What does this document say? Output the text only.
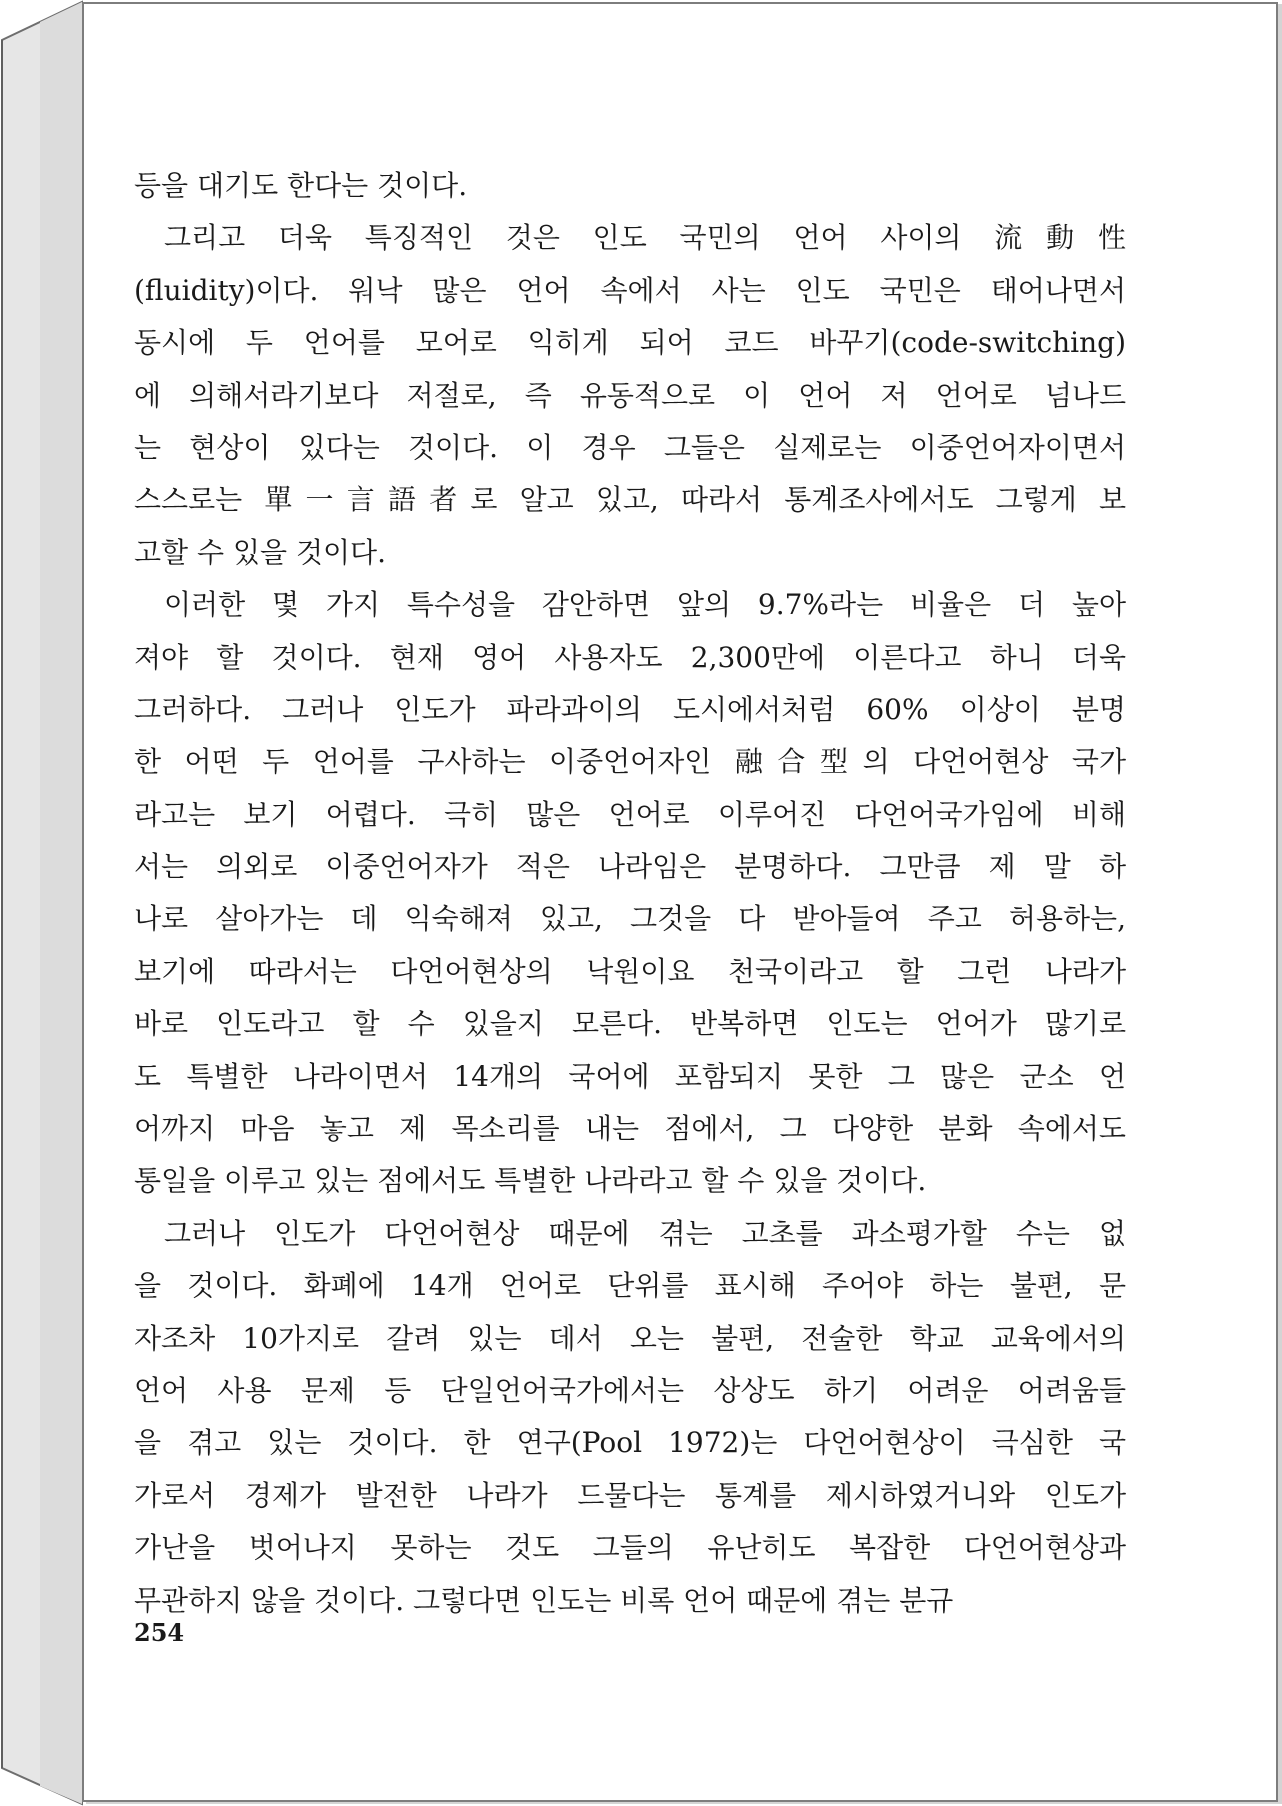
등을 대기도 한다는 것이다.
그리고 더욱 특징적인 것은 인도 국민의 언어 사이의 流動性
(fluidity)이다. 워낙 많은 언어 속에서 사는 인도 국민은 태어나면서
동시에 두 언어를 모어로 익히게 되어 코드 바꾸기(code-switching)
에 의해서라기보다 저절로, 즉 유동적으로 이 언어 저 언어로 넘나드
는 현상이 있다는 것이다. 이 경우 그들은 실제로는 이중언어자이면서
스스로는 單一言語者로 알고 있고, 따라서 통계조사에서도 그렇게 보
고할 수 있을 것이다.
이러한 몇 가지 특수성을 감안하면 앞의 9.7%라는 비율은 더 높아
져야 할 것이다. 현재 영어 사용자도 2,300만에 이른다고 하니 더욱
그러하다. 그러나 인도가 파라과이의 도시에서처럼 60% 이상이 분명
한 어떤 두 언어를 구사하는 이중언어자인 融合型의 다언어현상 국가
라고는 보기 어렵다. 극히 많은 언어로 이루어진 다언어국가임에 비해
서는 의외로 이중언어자가 적은 나라임은 분명하다. 그만큼 제 말 하
나로 살아가는 데 익숙해져 있고, 그것을 다 받아들여 주고 허용하는,
보기에 따라서는 다언어현상의 낙원이요 천국이라고 할 그런 나라가
바로 인도라고 할 수 있을지 모른다. 반복하면 인도는 언어가 많기로
도 특별한 나라이면서 14개의 국어에 포함되지 못한 그 많은 군소 언
어까지 마음 놓고 제 목소리를 내는 점에서, 그 다양한 분화 속에서도
통일을 이루고 있는 점에서도 특별한 나라라고 할 수 있을 것이다.
그러나 인도가 다언어현상 때문에 겪는 고초를 과소평가할 수는 없
을 것이다. 화폐에 14개 언어로 단위를 표시해 주어야 하는 불편, 문
자조차 10가지로 갈려 있는 데서 오는 불편, 전술한 학교 교육에서의
언어 사용 문제 등 단일언어국가에서는 상상도 하기 어려운 어려움들
을 겪고 있는 것이다. 한 연구(Pool 1972)는 다언어현상이 극심한 국
가로서 경제가 발전한 나라가 드물다는 통계를 제시하였거니와 인도가
가난을 벗어나지 못하는 것도 그들의 유난히도 복잡한 다언어현상과
무관하지 않을 것이다. 그렇다면 인도는 비록 언어 때문에 겪는 분규
254
